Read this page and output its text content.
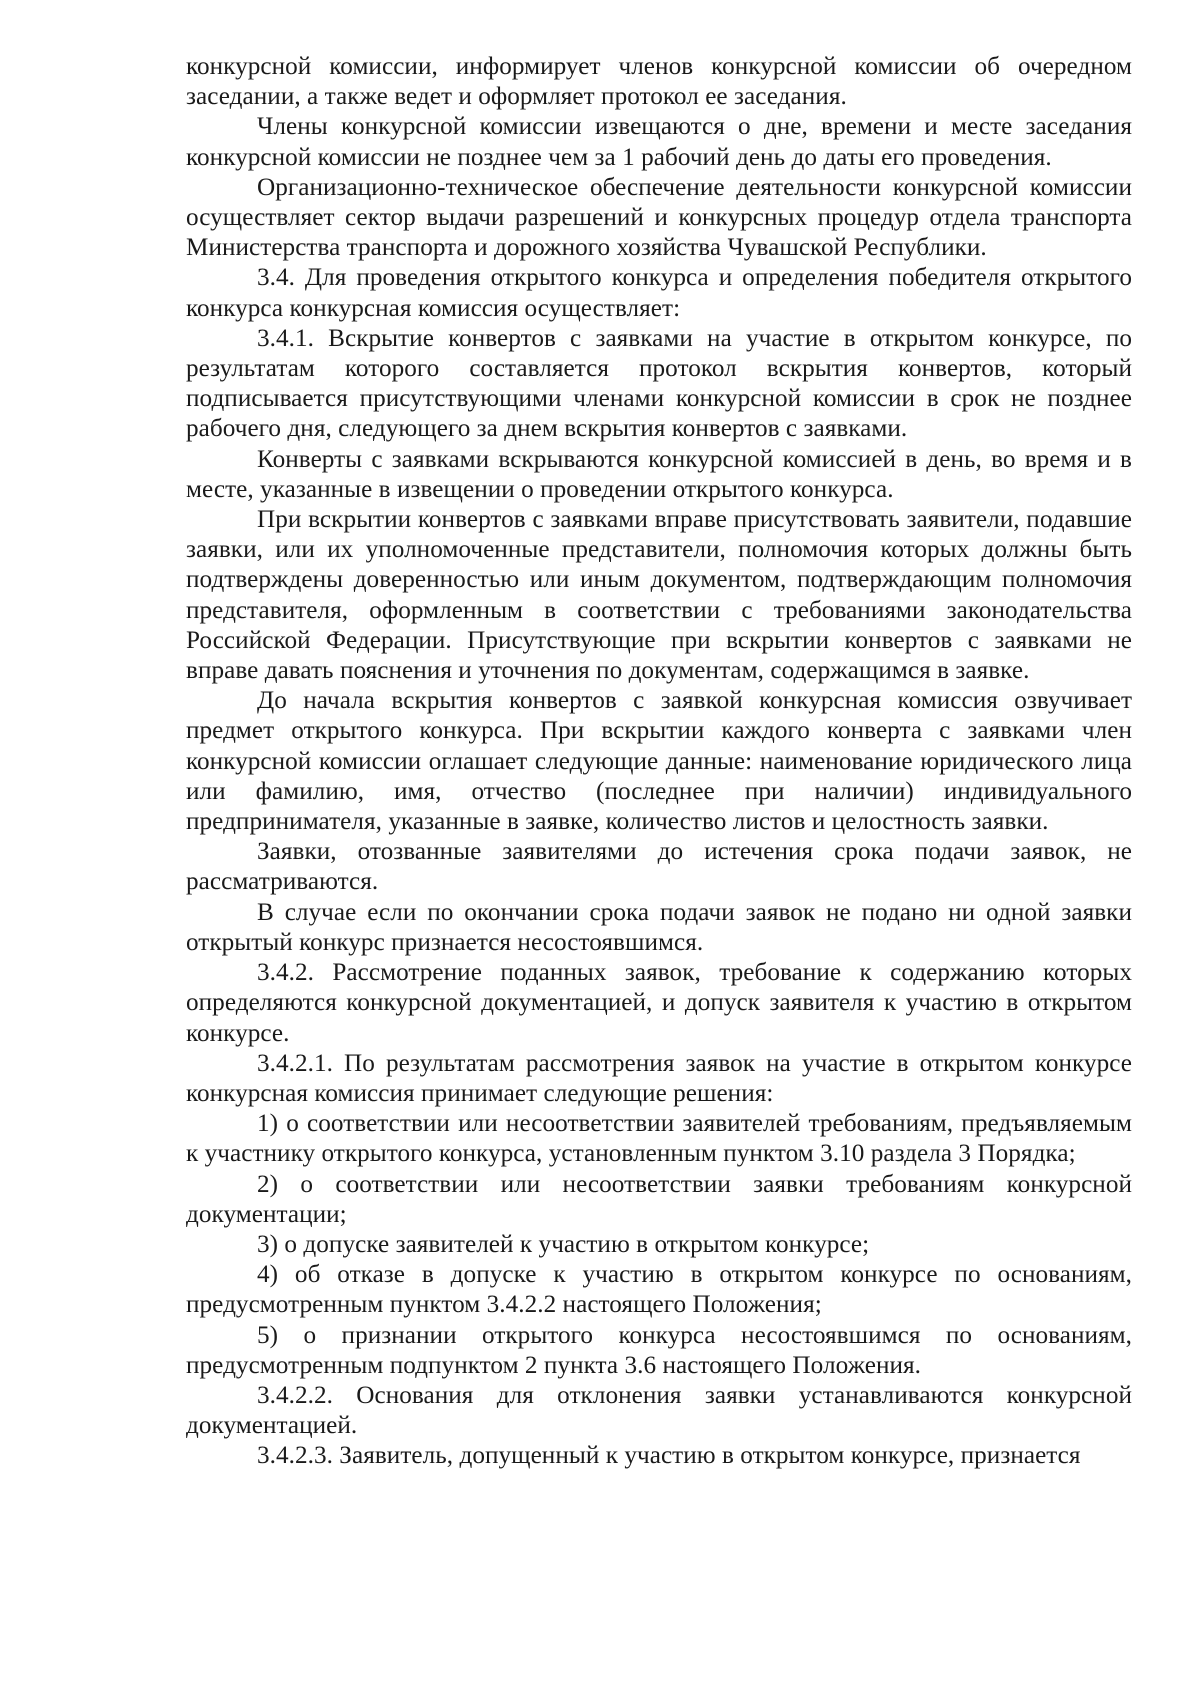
конкурсной комиссии, информирует членов конкурсной комиссии об очередном заседании, а также ведет и оформляет протокол ее заседания.

Члены конкурсной комиссии извещаются о дне, времени и месте заседания конкурсной комиссии не позднее чем за 1 рабочий день до даты его проведения.

Организационно-техническое обеспечение деятельности конкурсной комиссии осуществляет сектор выдачи разрешений и конкурсных процедур отдела транспорта Министерства транспорта и дорожного хозяйства Чувашской Республики.

3.4. Для проведения открытого конкурса и определения победителя открытого конкурса конкурсная комиссия осуществляет:

3.4.1. Вскрытие конвертов с заявками на участие в открытом конкурсе, по результатам которого составляется протокол вскрытия конвертов, который подписывается присутствующими членами конкурсной комиссии в срок не позднее рабочего дня, следующего за днем вскрытия конвертов с заявками.

Конверты с заявками вскрываются конкурсной комиссией в день, во время и в месте, указанные в извещении о проведении открытого конкурса.

При вскрытии конвертов с заявками вправе присутствовать заявители, подавшие заявки, или их уполномоченные представители, полномочия которых должны быть подтверждены доверенностью или иным документом, подтверждающим полномочия представителя, оформленным в соответствии с требованиями законодательства Российской Федерации. Присутствующие при вскрытии конвертов с заявками не вправе давать пояснения и уточнения по документам, содержащимся в заявке.

До начала вскрытия конвертов с заявкой конкурсная комиссия озвучивает предмет открытого конкурса. При вскрытии каждого конверта с заявками член конкурсной комиссии оглашает следующие данные: наименование юридического лица или фамилию, имя, отчество (последнее при наличии) индивидуального предпринимателя, указанные в заявке, количество листов и целостность заявки.

Заявки, отозванные заявителями до истечения срока подачи заявок, не рассматриваются.

В случае если по окончании срока подачи заявок не подано ни одной заявки открытый конкурс признается несостоявшимся.

3.4.2. Рассмотрение поданных заявок, требование к содержанию которых определяются конкурсной документацией, и допуск заявителя к участию в открытом конкурсе.

3.4.2.1. По результатам рассмотрения заявок на участие в открытом конкурсе конкурсная комиссия принимает следующие решения:

1) о соответствии или несоответствии заявителей требованиям, предъявляемым к участнику открытого конкурса, установленным пунктом 3.10 раздела 3 Порядка;

2) о соответствии или несоответствии заявки требованиям конкурсной документации;

3) о допуске заявителей к участию в открытом конкурсе;

4) об отказе в допуске к участию в открытом конкурсе по основаниям, предусмотренным пунктом 3.4.2.2 настоящего Положения;

5) о признании открытого конкурса несостоявшимся по основаниям, предусмотренным подпунктом 2 пункта 3.6 настоящего Положения.

3.4.2.2. Основания для отклонения заявки устанавливаются конкурсной документацией.

3.4.2.3. Заявитель, допущенный к участию в открытом конкурсе, признается
